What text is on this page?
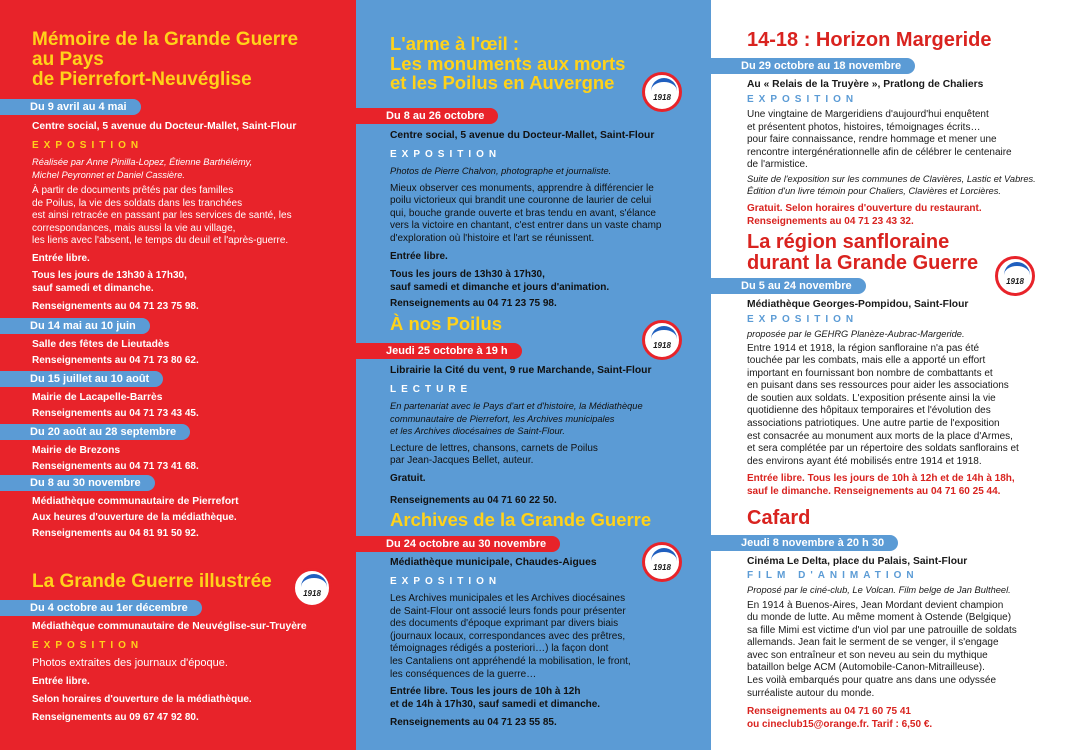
Mémoire de la Grande Guerre
au Pays
de Pierrefort-Neuvéglise
Du 9 avril au 4 mai
Centre social, 5 avenue du Docteur-Mallet, Saint-Flour
EXPOSITION
Réalisée par Anne Pinilla-Lopez, Étienne Barthélémy,
Michel Peyronnet et Daniel Cassière.
À partir de documents prêtés par des familles
de Poilus, la vie des soldats dans les tranchées
est ainsi retracée en passant par les services de santé, les
correspondances, mais aussi la vie au village,
les liens avec l'absent, le temps du deuil et l'après-guerre.
Entrée libre.
Tous les jours de 13h30 à 17h30,
sauf samedi et dimanche.
Renseignements au 04 71 23 75 98.
Du 14 mai au 10 juin
Salle des fêtes de Lieutadès
Renseignements au 04 71 73 80 62.
Du 15 juillet au 10 août
Mairie de Lacapelle-Barrès
Renseignements au 04 71 73 43 45.
Du 20 août au 28 septembre
Mairie de Brezons
Renseignements au 04 71 73 41 68.
Du 8 au 30 novembre
Médiathèque communautaire de Pierrefort
Aux heures d'ouverture de la médiathèque.
Renseignements au 04 81 91 50 92.
La Grande Guerre illustrée
1918
Du 4 octobre au 1er décembre
Médiathèque communautaire de Neuvéglise-sur-Truyère
EXPOSITION
Photos extraites des journaux d'époque.
Entrée libre.
Selon horaires d'ouverture de la médiathèque.
Renseignements au 09 67 47 92 80.
L'arme à l'œil :
Les monuments aux morts
et les Poilus en Auvergne
1918
Du 8 au 26 octobre
Centre social, 5 avenue du Docteur-Mallet, Saint-Flour
EXPOSITION
Photos de Pierre Chalvon, photographe et journaliste.
Mieux observer ces monuments, apprendre à différencier le
poilu victorieux qui brandit une couronne de laurier de celui
qui, bouche grande ouverte et bras tendu en avant, s'élance
vers la victoire en chantant, c'est entrer dans un vaste champ
d'exploration où l'histoire et l'art se réunissent.
Entrée libre.
Tous les jours de 13h30 à 17h30,
sauf samedi et dimanche et jours d'animation.
Renseignements au 04 71 23 75 98.
À nos Poilus
1918
Jeudi 25 octobre à 19 h
Librairie la Cité du vent, 9 rue Marchande, Saint-Flour
LECTURE
En partenariat avec le Pays d'art et d'histoire, la Médiathèque
communautaire de Pierrefort, les Archives municipales
et les Archives diocésaines de Saint-Flour.
Lecture de lettres, chansons, carnets de Poilus
par Jean-Jacques Bellet, auteur.
Gratuit.
Renseignements au 04 71 60 22 50.
Archives de la Grande Guerre
1918
Du 24 octobre au 30 novembre
Médiathèque municipale, Chaudes-Aigues
EXPOSITION
Les Archives municipales et les Archives diocésaines
de Saint-Flour ont associé leurs fonds pour présenter
des documents d'époque exprimant par divers biais
(journaux locaux, correspondances avec des prêtres,
témoignages rédigés a posteriori…) la façon dont
les Cantaliens ont appréhendé la mobilisation, le front,
les conséquences de la guerre…
Entrée libre. Tous les jours de 10h à 12h
et de 14h à 17h30, sauf samedi et dimanche.
Renseignements au 04 71 23 55 85.
14-18 : Horizon Margeride
Du 29 octobre au 18 novembre
Au « Relais de la Truyère », Pratlong de Chaliers
EXPOSITION
Une vingtaine de Margeridiens d'aujourd'hui enquêtent
et présentent photos, histoires, témoignages écrits…
pour faire connaissance, rendre hommage et mener une
rencontre intergénérationnelle afin de célébrer le centenaire
de l'armistice.
Suite de l'exposition sur les communes de Clavières, Lastic et Vabres.
Édition d'un livre témoin pour Chaliers, Clavières et Lorcières.
Gratuit. Selon horaires d'ouverture du restaurant.
Renseignements au 04 71 23 43 32.
La région sanfloraine
durant la Grande Guerre
1918
Du 5 au 24 novembre
Médiathèque Georges-Pompidou, Saint-Flour
EXPOSITION
proposée par le GEHRG Planèze-Aubrac-Margeride.
Entre 1914 et 1918, la région sanfloraine n'a pas été
touchée par les combats, mais elle a apporté un effort
important en fournissant bon nombre de combattants et
en puisant dans ses ressources pour aider les associations
de soutien aux soldats. L'exposition présente ainsi la vie
quotidienne des hôpitaux temporaires et l'évolution des
associations patriotiques. Une autre partie de l'exposition
est consacrée au monument aux morts de la place d'Armes,
et sera complétée par un répertoire des soldats sanflorains et
des environs ayant été mobilisés entre 1914 et 1918.
Entrée libre. Tous les jours de 10h à 12h et de 14h à 18h,
sauf le dimanche. Renseignements au 04 71 60 25 44.
Cafard
Jeudi 8 novembre à 20 h 30
Cinéma Le Delta, place du Palais, Saint-Flour
FILM D'ANIMATION
Proposé par le ciné-club, Le Volcan. Film belge de Jan Bultheel.
En 1914 à Buenos-Aires, Jean Mordant devient champion
du monde de lutte. Au même moment à Ostende (Belgique)
sa fille Mimi est victime d'un viol par une patrouille de soldats
allemands. Jean fait le serment de se venger, il s'engage
avec son entraîneur et son neveu au sein du mythique
bataillon belge ACM (Automobile-Canon-Mitrailleuse).
Les voilà embarqués pour quatre ans dans une odyssée
surréaliste autour du monde.
Renseignements au 04 71 60 75 41
ou cineclub15@orange.fr. Tarif : 6,50 €.
